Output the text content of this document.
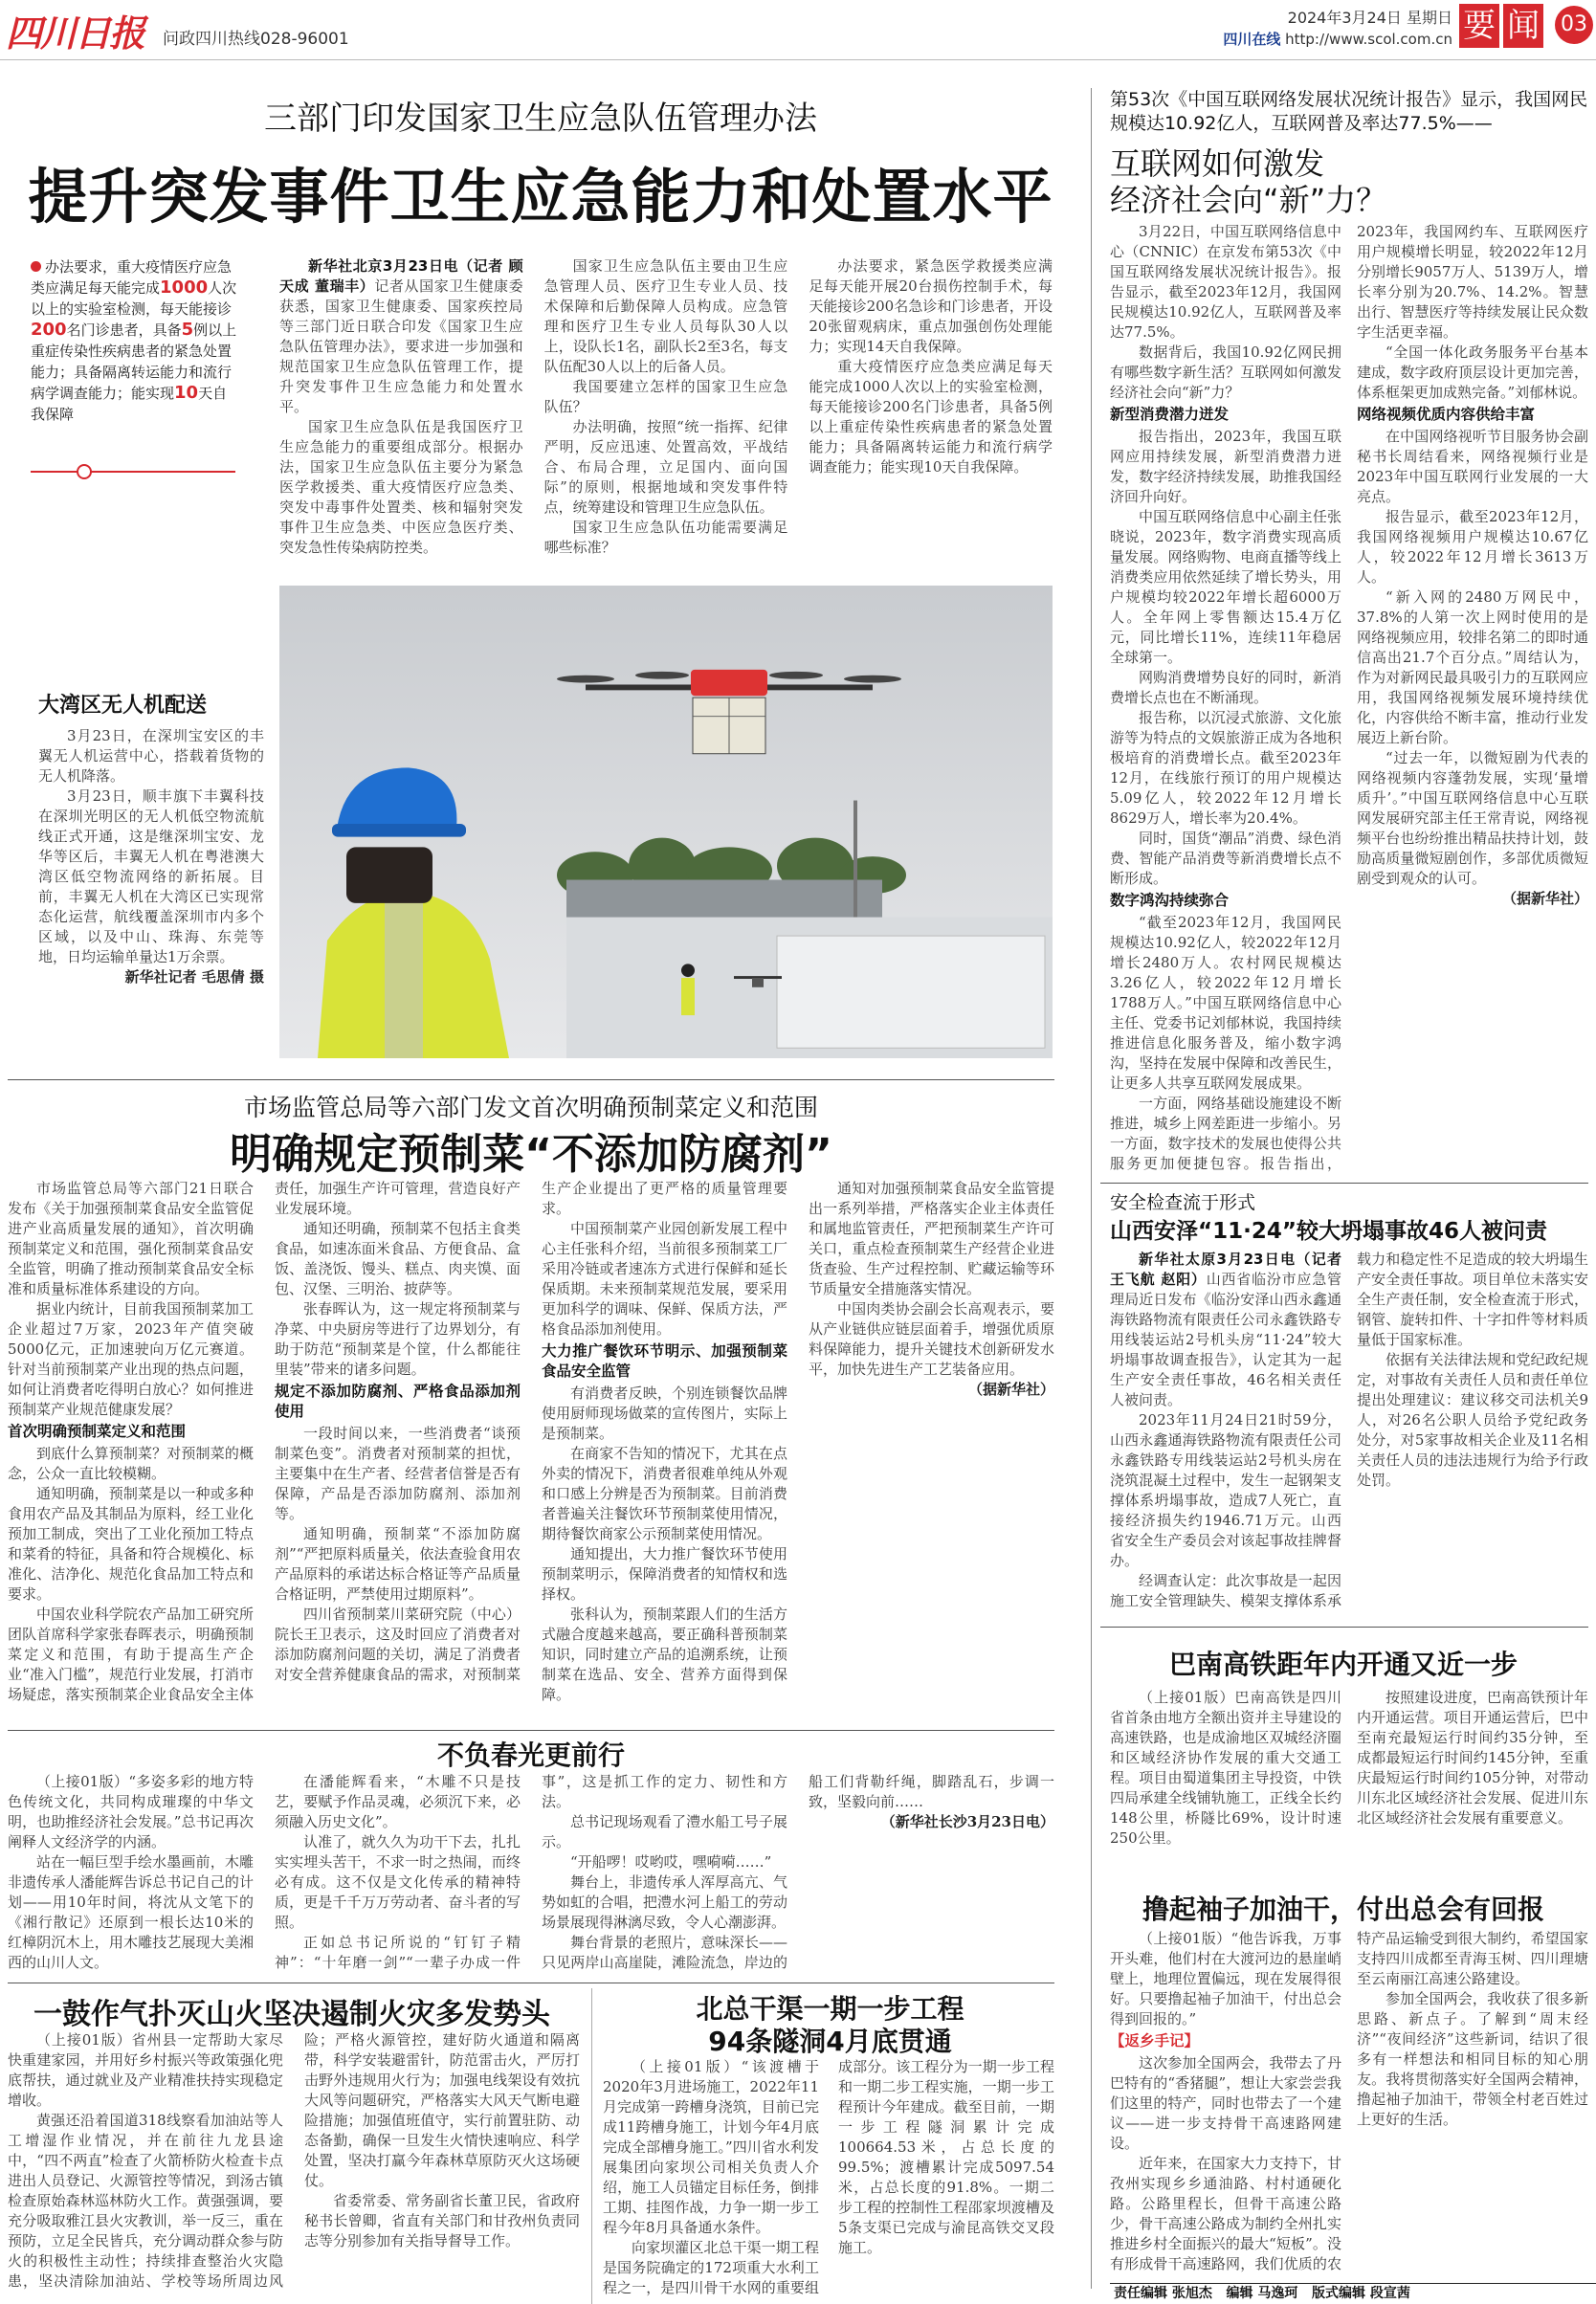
四川日报 问政四川热线028-96001
2024年3月24日 星期日
四川在线 http://www.scol.com.cn 要 闻 03
三部门印发国家卫生应急队伍管理办法
提升突发事件卫生应急能力和处置水平
办法要求，重大疫情医疗应急类应满足每天能完成1000人次以上的实验室检测，每天能接诊200名门诊患者，具备5例以上重症传染性疾病患者的紧急处置能力；具备隔离转运能力和流行病学调查能力；能实现10天自我保障

新华社北京3月23日电（记者 顾天成 董瑞丰）记者从国家卫生健康委获悉，国家卫生健康委、国家疾控局等三部门近日联合印发《国家卫生应急队伍管理办法》，要求进一步加强和规范国家卫生应急队伍管理工作，提升突发事件卫生应急能力和处置水平。

国家卫生应急队伍是我国医疗卫生应急能力的重要组成部分。根据办法，国家卫生应急队伍主要分为紧急医学救援类、重大疫情医疗应急类、突发中毒事件处置类、核和辐射突发事件卫生应急类、中医应急医疗类、突发急性传染病防控类。

国家卫生应急队伍主要由卫生应急管理人员、医疗卫生专业人员、技术保障和后勤保障人员构成。应急管理和医疗卫生专业人员每队30人以上，设队长1名，副队长2至3名，每支队伍配30人以上的后备人员。

我国要建立怎样的国家卫生应急队伍？

办法明确，按照“统一指挥、纪律严明，反应迅速、处置高效，平战结合、布局合理，立足国内、面向国际”的原则，根据地域和突发事件特点，统筹建设和管理卫生应急队伍。

国家卫生应急队伍功能需要满足哪些标准？

办法要求，紧急医学救援类应满足每天能开展20台损伤控制手术，每天能接诊200名急诊和门诊患者，开设20张留观病床，重点加强创伤处理能力；实现14天自我保障。

重大疫情医疗应急类应满足每天能完成1000人次以上的实验室检测，每天能接诊200名门诊患者，具备5例以上重症传染性疾病患者的紧急处置能力；具备隔离转运能力和流行病学调查能力；能实现10天自我保障。

大湾区无人机配送

3月23日，在深圳宝安区的丰翼无人机运营中心，搭载着货物的无人机降落。

3月23日，顺丰旗下丰翼科技在深圳光明区的无人机低空物流航线正式开通，这是继深圳宝安、龙华等区后，丰翼无人机在粤港澳大湾区低空物流网络的新拓展。目前，丰翼无人机在大湾区已实现常态化运营，航线覆盖深圳市内多个区域，以及中山、珠海、东莞等地，日均运输单量达1万余票。

新华社记者 毛思倩 摄
市场监管总局等六部门发文首次明确预制菜定义和范围
明确规定预制菜“不添加防腐剂”

市场监管总局等六部门21日联合发布《关于加强预制菜食品安全监管促进产业高质量发展的通知》，首次明确预制菜定义和范围，强化预制菜食品安全监管，明确了推动预制菜食品安全标准和质量标准体系建设的方向。

据业内统计，目前我国预制菜加工企业超过7万家，2023年产值突破5000亿元，正加速驶向万亿元赛道。针对当前预制菜产业出现的热点问题，如何让消费者吃得明白放心？如何推进预制菜产业规范健康发展？

首次明确预制菜定义和范围

到底什么算预制菜？对预制菜的概念，公众一直比较模糊。

通知明确，预制菜是以一种或多种食用农产品及其制品为原料，经工业化预加工制成，突出了工业化预加工特点和菜肴的特征，具备和符合规模化、标准化、洁净化、规范化食品加工特点和要求。

中国农业科学院农产品加工研究所团队首席科学家张春晖表示，明确预制菜定义和范围，有助于提高生产企业“准入门槛”，规范行业发展，打消市场疑虑，落实预制菜企业食品安全主体责任，加强生产许可管理，营造良好产业发展环境。

通知还明确，预制菜不包括主食类食品，如速冻面米食品、方便食品、盒饭、盖浇饭、馒头、糕点、肉夹馍、面包、汉堡、三明治、披萨等。

张春晖认为，这一规定将预制菜与净菜、中央厨房等进行了边界划分，有助于防范“预制菜是个筐，什么都能往里装”带来的诸多问题。

规定不添加防腐剂、严格食品添加剂使用

一段时间以来，一些消费者“谈预制菜色变”。消费者对预制菜的担忧，主要集中在生产者、经营者信誉是否有保障，产品是否添加防腐剂、添加剂等。

通知明确，预制菜“不添加防腐剂”“严把原料质量关，依法查验食用农产品原料的承诺达标合格证等产品质量合格证明，严禁使用过期原料”。

四川省预制菜川菜研究院（中心）院长王卫表示，这及时回应了消费者对添加防腐剂问题的关切，满足了消费者对安全营养健康食品的需求，对预制菜生产企业提出了更严格的质量管理要求。

中国预制菜产业园创新发展工程中心主任张科介绍，当前很多预制菜工厂采用冷链或者速冻方式进行保鲜和延长保质期。未来预制菜规范发展，要采用更加科学的调味、保鲜、保质方法，严格食品添加剂使用。

大力推广餐饮环节明示、加强预制菜食品安全监管

有消费者反映，个别连锁餐饮品牌使用厨师现场做菜的宣传图片，实际上是预制菜。

在商家不告知的情况下，尤其在点外卖的情况下，消费者很难单纯从外观和口感上分辨是否为预制菜。目前消费者普遍关注餐饮环节预制菜使用情况，期待餐饮商家公示预制菜使用情况。

通知提出，大力推广餐饮环节使用预制菜明示，保障消费者的知情权和选择权。

张科认为，预制菜跟人们的生活方式融合度越来越高，要正确科普预制菜知识，同时建立产品的追溯系统，让预制菜在选品、安全、营养方面得到保障。

通知对加强预制菜食品安全监管提出一系列举措，严格落实企业主体责任和属地监管责任，严把预制菜生产许可关口，重点检查预制菜生产经营企业进货查验、生产过程控制、贮藏运输等环节质量安全措施落实情况。

中国肉类协会副会长高观表示，要从产业链供应链层面着手，增强优质原料保障能力，提升关键技术创新研发水平，加快先进生产工艺装备应用。

（据新华社）

不负春光更前行

（上接01版）“多姿多彩的地方特色传统文化，共同构成璀璨的中华文明，也助推经济社会发展。”总书记再次阐释人文经济学的内涵。

站在一幅巨型手绘水墨画前，木雕非遗传承人潘能辉告诉总书记自己的计划——用10年时间，将沈从文笔下的《湘行散记》还原到一根长达10米的红樟阴沉木上，用木雕技艺展现大美湘西的山川人文。

在潘能辉看来，“木雕不只是技艺，要赋予作品灵魂，必须沉下来，必须融入历史文化”。

认准了，就久久为功干下去，扎扎实实埋头苦干，不求一时之热闹，而终必有成。这不仅是文化传承的精神特质，更是千千万万劳动者、奋斗者的写照。

正如总书记所说的“钉钉子精神”：“十年磨一剑”“一辈子办成一件事”，这是抓工作的定力、韧性和方法。

总书记现场观看了澧水船工号子展示。

“开船啰！哎哟哎，嘿嗬嗬……”

舞台上，非遗传承人浑厚高亢、气势如虹的合唱，把澧水河上船工的劳动场景展现得淋漓尽致，令人心潮澎湃。

舞台背景的老照片，意味深长——只见两岸山高崖陡，滩险流急，岸边的船工们背勒纤绳，脚踏乱石，步调一致，坚毅向前……

（新华社长沙3月23日电）

一鼓作气扑灭山火坚决遏制火灾多发势头

（上接01版）省州县一定帮助大家尽快重建家园，并用好乡村振兴等政策强化兜底帮扶，通过就业及产业精准扶持实现稳定增收。

黄强还沿着国道318线察看加油站等人工增湿作业情况，并在前往九龙县途中，“四不两直”检查了火箭桥防火检查卡点进出人员登记、火源管控等情况，到汤古镇检查原始森林巡林防火工作。黄强强调，要充分吸取雅江县火灾教训，举一反三，重在预防，立足全民皆兵，充分调动群众参与防火的积极性主动性；持续排查整治火灾隐患，坚决清除加油站、学校等场所周边风险；严格火源管控，建好防火通道和隔离带，科学安装避雷针，防范雷击火，严厉打击野外违规用火行为；加强电线架设有效抗大风等问题研究，严格落实大风天气断电避险措施；加强值班值守，实行前置驻防、动态备勤，确保一旦发生火情快速响应、科学处置，坚决打赢今年森林草原防灭火这场硬仗。

省委常委、常务副省长董卫民，省政府秘书长曾卿，省直有关部门和甘孜州负责同志等分别参加有关指导督导工作。

北总干渠一期一步工程
94条隧洞4月底贯通

（上接01版）“该渡槽于2020年3月进场施工，2022年11月完成第一跨槽身浇筑，目前已完成11跨槽身施工，计划今年4月底完成全部槽身施工。”四川省水利发展集团向家坝公司相关负责人介绍，施工人员锚定目标任务，倒排工期、挂图作战，力争一期一步工程今年8月具备通水条件。

向家坝灌区北总干渠一期工程是国务院确定的172项重大水利工程之一，是四川骨干水网的重要组成部分。该工程分为一期一步工程和一期二步工程实施，一期一步工程预计今年建成。截至目前，一期一步工程隧洞累计完成100664.53米，占总长度的99.5%；渡槽累计完成5097.54米，占总长度的91.8%。一期二步工程的控制性工程邵家坝渡槽及5条支渠已完成与渝昆高铁交叉段施工。

第53次《中国互联网络发展状况统计报告》显示，我国网民规模达10.92亿人，互联网普及率达77.5%——
互联网如何激发
经济社会向“新”力？

3月22日，中国互联网络信息中心（CNNIC）在京发布第53次《中国互联网络发展状况统计报告》。报告显示，截至2023年12月，我国网民规模达10.92亿人，互联网普及率达77.5%。

数据背后，我国10.92亿网民拥有哪些数字新生活？互联网如何激发经济社会向“新”力？

新型消费潜力迸发

报告指出，2023年，我国互联网应用持续发展，新型消费潜力迸发，数字经济持续发展，助推我国经济回升向好。

中国互联网络信息中心副主任张晓说，2023年，数字消费实现高质量发展。网络购物、电商直播等线上消费类应用依然延续了增长势头，用户规模均较2022年增长超6000万人。全年网上零售额达15.4万亿元，同比增长11%，连续11年稳居全球第一。

网购消费增势良好的同时，新消费增长点也在不断涌现。

报告称，以沉浸式旅游、文化旅游等为特点的文娱旅游正成为各地积极培育的消费增长点。截至2023年12月，在线旅行预订的用户规模达5.09亿人，较2022年12月增长8629万人，增长率为20.4%。

同时，国货“潮品”消费、绿色消费、智能产品消费等新消费增长点不断形成。

数字鸿沟持续弥合

“截至2023年12月，我国网民规模达10.92亿人，较2022年12月增长2480万人。农村网民规模达3.26亿人，较2022年12月增长1788万人。”中国互联网络信息中心主任、党委书记刘郁林说，我国持续推进信息化服务普及，缩小数字鸿沟，坚持在发展中保障和改善民生，让更多人共享互联网发展成果。

一方面，网络基础设施建设不断推进，城乡上网差距进一步缩小。另一方面，数字技术的发展也使得公共服务更加便捷包容。报告指出，2023年，我国网约车、互联网医疗用户规模增长明显，较2022年12月分别增长9057万人、5139万人，增长率分别为20.7%、14.2%。智慧出行、智慧医疗等持续发展让民众数字生活更幸福。

“全国一体化政务服务平台基本建成，数字政府顶层设计更加完善，体系框架更加成熟完备。”刘郁林说。

网络视频优质内容供给丰富

在中国网络视听节目服务协会副秘书长周结看来，网络视频行业是2023年中国互联网行业发展的一大亮点。

报告显示，截至2023年12月，我国网络视频用户规模达10.67亿人，较2022年12月增长3613万人。

“新入网的2480万网民中，37.8%的人第一次上网时使用的是网络视频应用，较排名第二的即时通信高出21.7个百分点。”周结认为，作为对新网民最具吸引力的互联网应用，我国网络视频发展环境持续优化，内容供给不断丰富，推动行业发展迈上新台阶。

“过去一年，以微短剧为代表的网络视频内容蓬勃发展，实现‘量增质升’。”中国互联网络信息中心互联网发展研究部主任王常青说，网络视频平台也纷纷推出精品扶持计划，鼓励高质量微短剧创作，多部优质微短剧受到观众的认可。

（据新华社）

安全检查流于形式
山西安泽“11·24”较大坍塌事故46人被问责

新华社太原3月23日电（记者 王飞航 赵阳）山西省临汾市应急管理局近日发布《临汾安泽山西永鑫通海铁路物流有限责任公司永鑫铁路专用线装运站2号机头房“11·24”较大坍塌事故调查报告》，认定其为一起生产安全责任事故，46名相关责任人被问责。

2023年11月24日21时59分，山西永鑫通海铁路物流有限责任公司永鑫铁路专用线装运站2号机头房在浇筑混凝土过程中，发生一起钢架支撑体系坍塌事故，造成7人死亡，直接经济损失约1946.71万元。山西省安全生产委员会对该起事故挂牌督办。

经调查认定：此次事故是一起因施工安全管理缺失、模架支撑体系承载力和稳定性不足造成的较大坍塌生产安全责任事故。项目单位未落实安全生产责任制，安全检查流于形式，钢管、旋转扣件、十字扣件等材料质量低于国家标准。

依据有关法律法规和党纪政纪规定，对事故有关责任人员和责任单位提出处理建议：建议移交司法机关9人，对26名公职人员给予党纪政务处分，对5家事故相关企业及11名相关责任人员的违法违规行为给予行政处罚。

巴南高铁距年内开通又近一步

（上接01版）巴南高铁是四川省首条由地方全额出资并主导建设的高速铁路，也是成渝地区双城经济圈和区域经济协作发展的重大交通工程。项目由蜀道集团主导投资，中铁四局承建全线铺轨施工，正线全长约148公里，桥隧比69%，设计时速250公里。

按照建设进度，巴南高铁预计年内开通运营。项目开通运营后，巴中至南充最短运行时间约35分钟，至成都最短运行时间约145分钟，至重庆最短运行时间约105分钟，对带动川东北区域经济社会发展、促进川东北区域经济社会发展有重要意义。

撸起袖子加油干，付出总会有回报

（上接01版）“他告诉我，万事开头难，他们村在大渡河边的悬崖峭壁上，地理位置偏远，现在发展得很好。只要撸起袖子加油干，付出总会得到回报的。”

【返乡手记】

这次参加全国两会，我带去了丹巴特有的“香猪腿”，想让大家尝尝我们这里的特产，同时也带去了一个建议——进一步支持骨干高速路网建设。

近年来，在国家大力支持下，甘孜州实现乡乡通油路、村村通硬化路。公路里程长，但骨干高速公路少，骨干高速公路成为制约全州扎实推进乡村全面振兴的最大“短板”。没有形成骨干高速路网，我们优质的农特产品运输受到很大制约，希望国家支持四川成都至青海玉树、四川理塘至云南丽江高速公路建设。

参加全国两会，我收获了很多新思路、新点子。了解到“周末经济”“夜间经济”这些新词，结识了很多有一样想法和相同目标的知心朋友。我将贯彻落实好全国两会精神，撸起袖子加油干，带领全村老百姓过上更好的生活。

责任编辑 张旭杰 编辑 马逸珂 版式编辑 段宣茜
